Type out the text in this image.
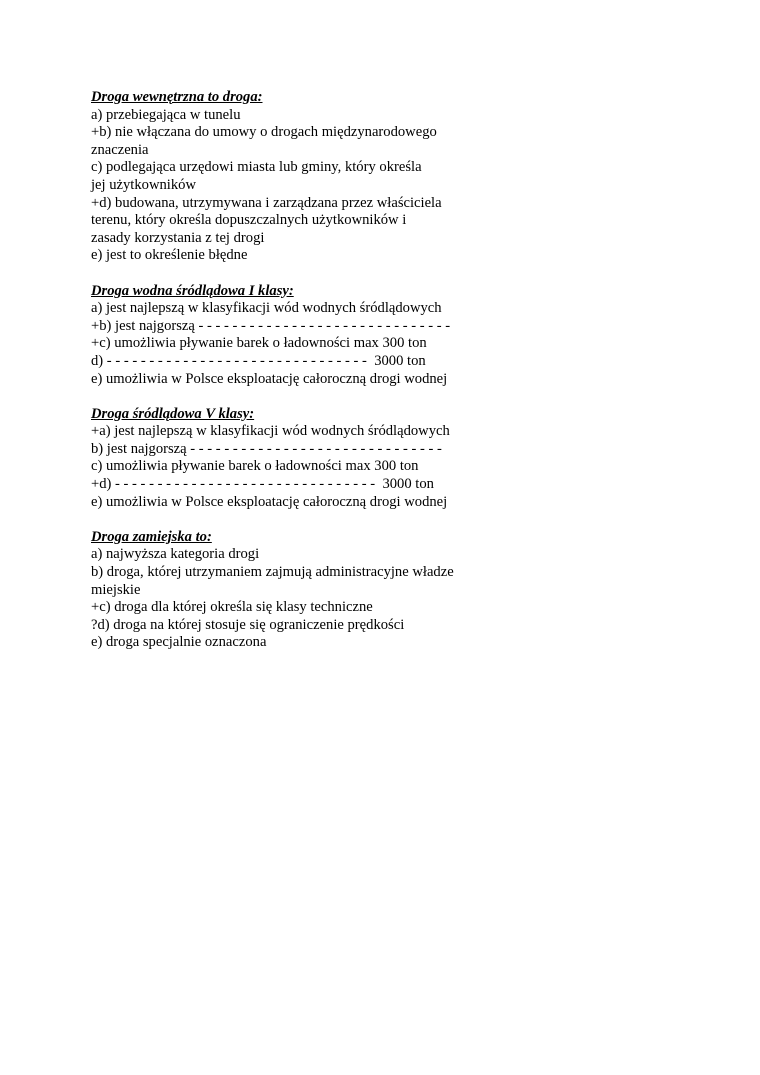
Droga wewnętrzna to droga:
a) przebiegająca w tunelu
+b) nie włączana do umowy o drogach międzynarodowego
znaczenia
c) podlegająca urzędowi miasta lub gminy, który określa
jej użytkowników
+d) budowana, utrzymywana i zarządzana przez właściciela
terenu, który określa dopuszczalnych użytkowników i
zasady korzystania z tej drogi
e) jest to określenie błędne
Droga wodna śródlądowa I klasy:
a) jest najlepszą w klasyfikacji wód wodnych śródlądowych
+b) jest najgorszą - - - - - - - - - - - - - - - - - - - - - - - - - - - - - -
+c) umożliwia pływanie barek o ładowności max 300 ton
d) - - - - - - - - - - - - - - - - - - - - - - - - - - - - - - -  3000 ton
e) umożliwia w Polsce eksploatację całoroczną drogi wodnej
Droga śródlądowa V klasy:
+a) jest najlepszą w klasyfikacji wód wodnych śródlądowych
b) jest najgorszą - - - - - - - - - - - - - - - - - - - - - - - - - - - - - -
c) umożliwia pływanie barek o ładowności max 300 ton
+d) - - - - - - - - - - - - - - - - - - - - - - - - - - - - - - -  3000 ton
e) umożliwia w Polsce eksploatację całoroczną drogi wodnej
Droga zamiejska to:
a) najwyższa kategoria drogi
b) droga, której utrzymaniem zajmują administracyjne władze
miejskie
+c) droga dla której określa się klasy techniczne
?d) droga na której stosuje się ograniczenie prędkości
e) droga specjalnie oznaczona
